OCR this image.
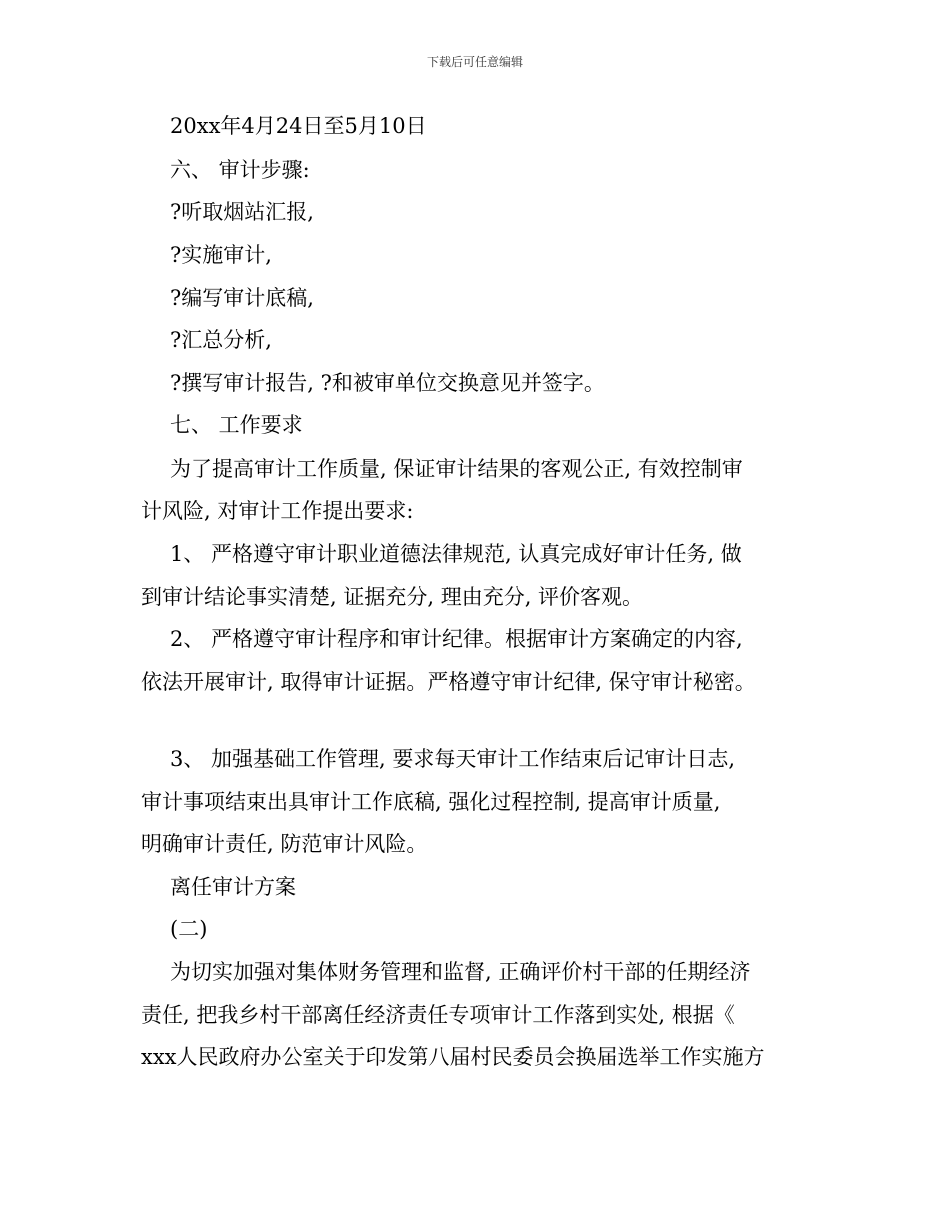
下载后可任意编辑
20xx年4月24日至5月10日
六、 审计步骤:
?听取烟站汇报,
?实施审计,
?编写审计底稿,
?汇总分析,
?撰写审计报告, ?和被审单位交换意见并签字。
七、 工作要求
为了提高审计工作质量, 保证审计结果的客观公正, 有效控制审
计风险, 对审计工作提出要求:
1、 严格遵守审计职业道德法律规范, 认真完成好审计任务, 做
到审计结论事实清楚, 证据充分, 理由充分, 评价客观。
2、 严格遵守审计程序和审计纪律。根据审计方案确定的内容,
依法开展审计, 取得审计证据。严格遵守审计纪律, 保守审计秘密。
3、 加强基础工作管理, 要求每天审计工作结束后记审计日志,
审计事项结束出具审计工作底稿, 强化过程控制, 提高审计质量,
明确审计责任, 防范审计风险。
离任审计方案
(二)
为切实加强对集体财务管理和监督, 正确评价村干部的任期经济
责任, 把我乡村干部离任经济责任专项审计工作落到实处, 根据《
xxx人民政府办公室关于印发第八届村民委员会换届选举工作实施方
